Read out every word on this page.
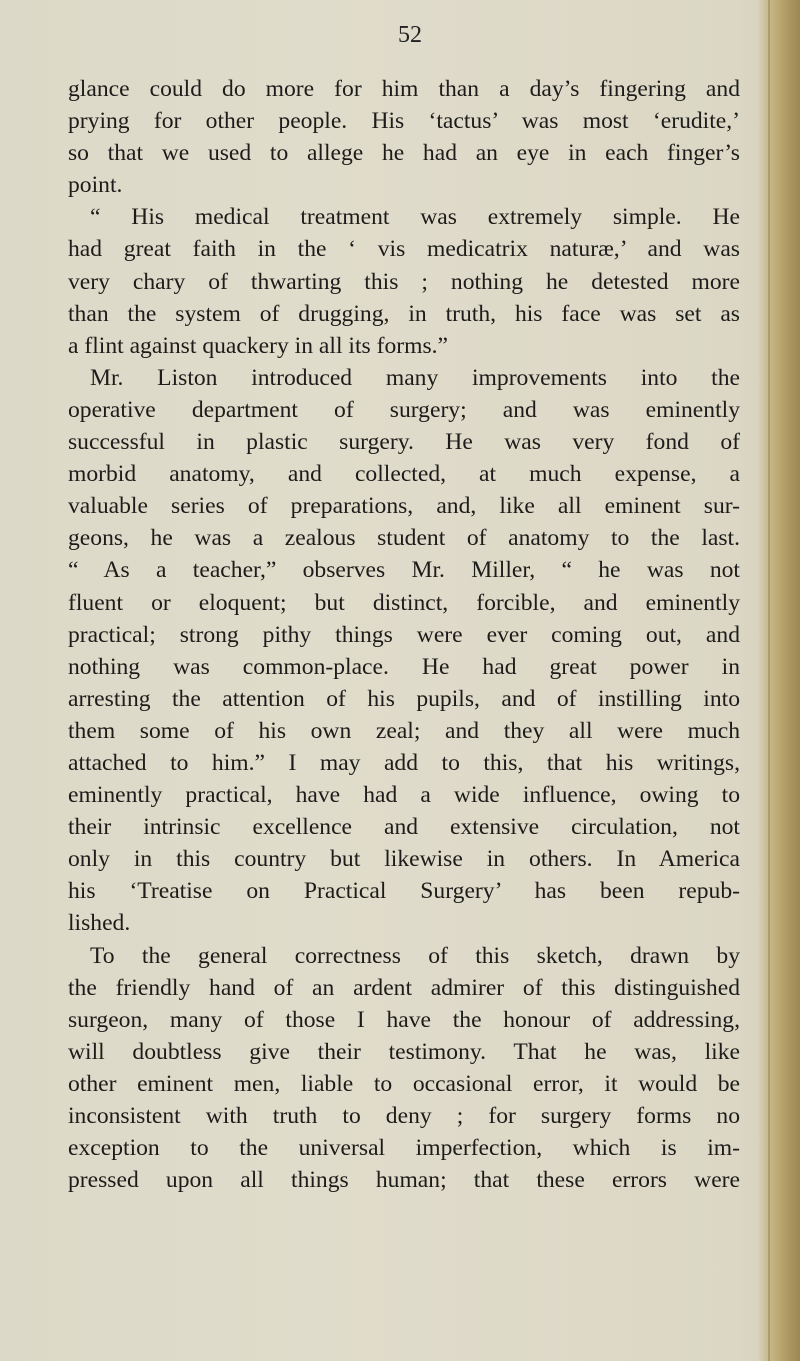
52
glance could do more for him than a day’s fingering and
prying for other people. His ‘tactus’ was most ‘erudite,’
so that we used to allege he had an eye in each finger’s
point.
“ His medical treatment was extremely simple. He
had great faith in the ‘ vis medicatrix naturæ,’ and was
very chary of thwarting this ; nothing he detested more
than the system of drugging, in truth, his face was set as
a flint against quackery in all its forms.”
Mr. Liston introduced many improvements into the
operative department of surgery; and was eminently
successful in plastic surgery. He was very fond of
morbid anatomy, and collected, at much expense, a
valuable series of preparations, and, like all eminent sur-
geons, he was a zealous student of anatomy to the last.
“ As a teacher,” observes Mr. Miller, “ he was not
fluent or eloquent; but distinct, forcible, and eminently
practical; strong pithy things were ever coming out, and
nothing was common-place. He had great power in
arresting the attention of his pupils, and of instilling into
them some of his own zeal; and they all were much
attached to him.” I may add to this, that his writings,
eminently practical, have had a wide influence, owing to
their intrinsic excellence and extensive circulation, not
only in this country but likewise in others. In America
his ‘Treatise on Practical Surgery’ has been repub-
lished.
To the general correctness of this sketch, drawn by
the friendly hand of an ardent admirer of this distinguished
surgeon, many of those I have the honour of addressing,
will doubtless give their testimony. That he was, like
other eminent men, liable to occasional error, it would be
inconsistent with truth to deny ; for surgery forms no
exception to the universal imperfection, which is im-
pressed upon all things human; that these errors were
